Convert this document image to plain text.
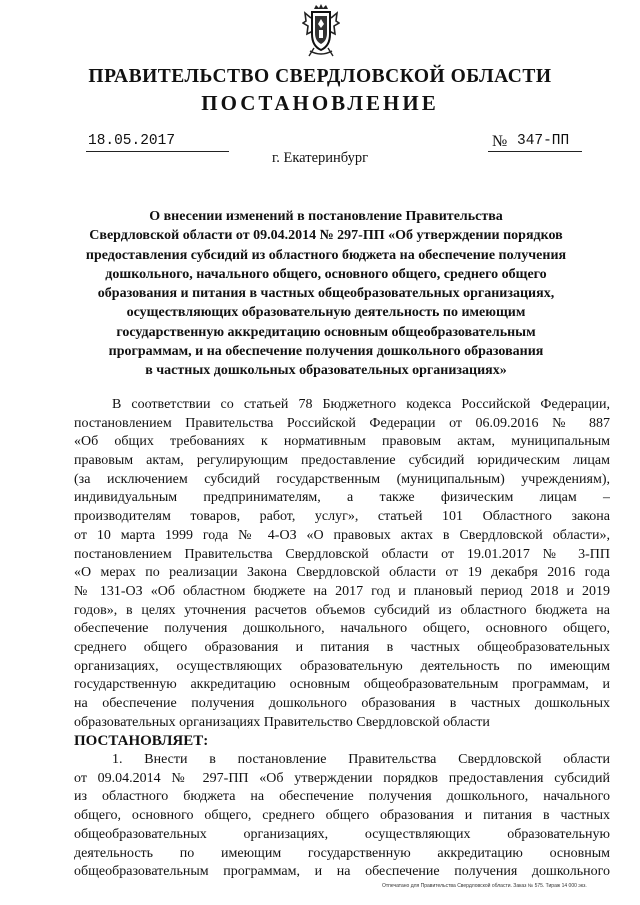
ПРАВИТЕЛЬСТВО СВЕРДЛОВСКОЙ ОБЛАСТИ
ПОСТАНОВЛЕНИЕ
18.05.2017	№ 347-ПП
г. Екатеринбург
О внесении изменений в постановление Правительства
Свердловской области от 09.04.2014 № 297-ПП «Об утверждении порядков
предоставления субсидий из областного бюджета на обеспечение получения
дошкольного, начального общего, основного общего, среднего общего
образования и питания в частных общеобразовательных организациях,
осуществляющих образовательную деятельность по имеющим
государственную аккредитацию основным общеобразовательным
программам, и на обеспечение получения дошкольного образования
в частных дошкольных образовательных организациях»
В соответствии со статьей 78 Бюджетного кодекса Российской Федерации,
постановлением Правительства Российской Федерации от 06.09.2016 № 887
«Об общих требованиях к нормативным правовым актам, муниципальным
правовым актам, регулирующим предоставление субсидий юридическим лицам
(за исключением субсидий государственным (муниципальным) учреждениям),
индивидуальным предпринимателям, а также физическим лицам –
производителям товаров, работ, услуг», статьей 101 Областного закона
от 10 марта 1999 года № 4-ОЗ «О правовых актах в Свердловской области»,
постановлением Правительства Свердловской области от 19.01.2017 № 3-ПП
«О мерах по реализации Закона Свердловской области от 19 декабря 2016 года
№ 131-ОЗ «Об областном бюджете на 2017 год и плановый период 2018 и 2019
годов», в целях уточнения расчетов объемов субсидий из областного бюджета на
обеспечение получения дошкольного, начального общего, основного общего,
среднего общего образования и питания в частных общеобразовательных
организациях, осуществляющих образовательную деятельность по имеющим
государственную аккредитацию основным общеобразовательным программам, и
на обеспечение получения дошкольного образования в частных дошкольных
образовательных организациях Правительство Свердловской области
ПОСТАНОВЛЯЕТ:
1. Внести в постановление Правительства Свердловской области
от 09.04.2014 № 297-ПП «Об утверждении порядков предоставления субсидий
из областного бюджета на обеспечение получения дошкольного, начального
общего, основного общего, среднего общего образования и питания в частных
общеобразовательных организациях, осуществляющих образовательную
деятельность по имеющим государственную аккредитацию основным
общеобразовательным программам, и на обеспечение получения дошкольного
Отпечатано для Правительства Свердловской области. Заказ № 575. Тираж 14 000 экз.
